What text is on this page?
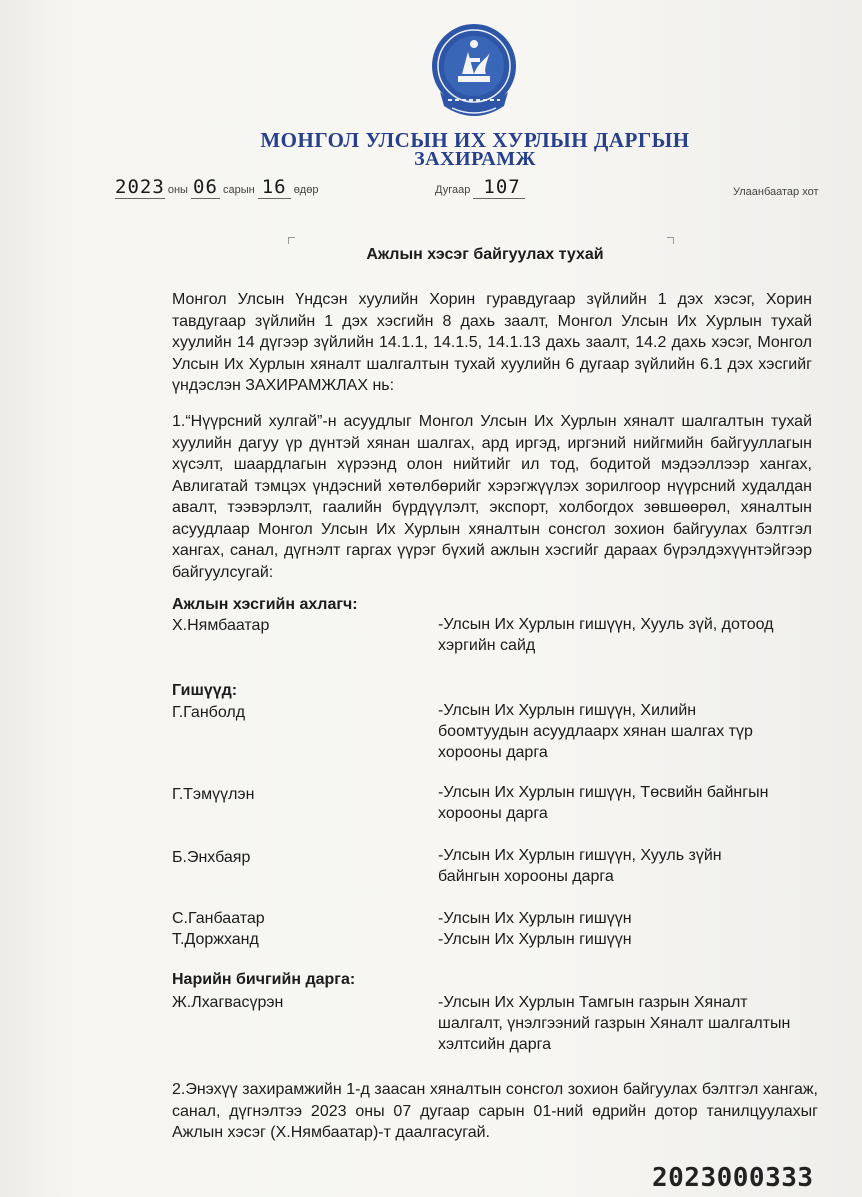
МОНГОЛ УЛСЫН ИХ ХУРЛЫН ДАРГЫН
ЗАХИРАМЖ
2023 оны 06 сарын 16 өдөр	Дугаар 107	Улаанбаатар хот
Ажлын хэсэг байгуулах тухай
Монгол Улсын Үндсэн хуулийн Хорин гуравдугаар зүйлийн 1 дэх хэсэг, Хорин тавдугаар зүйлийн 1 дэх хэсгийн 8 дахь заалт, Монгол Улсын Их Хурлын тухай хуулийн 14 дүгээр зүйлийн 14.1.1, 14.1.5, 14.1.13 дахь заалт, 14.2 дахь хэсэг, Монгол Улсын Их Хурлын хяналт шалгалтын тухай хуулийн 6 дугаар зүйлийн 6.1 дэх хэсгийг үндэслэн ЗАХИРАМЖЛАХ нь:
1.“Нүүрсний хулгай”-н асуудлыг Монгол Улсын Их Хурлын хяналт шалгалтын тухай хуулийн дагуу үр дүнтэй хянан шалгах, ард иргэд, иргэний нийгмийн байгууллагын хүсэлт, шаардлагын хүрээнд олон нийтийг ил тод, бодитой мэдээллээр хангах, Авлигатай тэмцэх үндэсний хөтөлбөрийг хэрэгжүүлэх зорилгоор нүүрсний худалдан авалт, тээвэрлэлт, гаалийн бүрдүүлэлт, экспорт, холбогдох зөвшөөрөл, хяналтын асуудлаар Монгол Улсын Их Хурлын хяналтын сонсгол зохион байгуулах бэлтгэл хангах, санал, дүгнэлт гаргах үүрэг бүхий ажлын хэсгийг дараах бүрэлдэхүүнтэйгээр байгуулсугай:
Ажлын хэсгийн ахлагч:
Х.Нямбаатар	-Улсын Их Хурлын гишүүн, Хууль зүй, дотоод хэргийн сайд
Гишүүд:
Г.Ганболд	-Улсын Их Хурлын гишүүн, Хилийн боомтуудын асуудлаарх хянан шалгах түр хорооны дарга
Г.Тэмүүлэн	-Улсын Их Хурлын гишүүн, Төсвийн байнгын хорооны дарга
Б.Энхбаяр	-Улсын Их Хурлын гишүүн, Хууль зүйн байнгын хорооны дарга
С.Ганбаатар	-Улсын Их Хурлын гишүүн
Т.Доржханд	-Улсын Их Хурлын гишүүн
Нарийн бичгийн дарга:
Ж.Лхагвасүрэн	-Улсын Их Хурлын Тамгын газрын Хяналт шалгалт, үнэлгээний газрын Хяналт шалгалтын хэлтсийн дарга
2.Энэхүү захирамжийн 1-д заасан хяналтын сонсгол зохион байгуулах бэлтгэл хангаж, санал, дүгнэлтээ 2023 оны 07 дугаар сарын 01-ний өдрийн дотор танилцуулахыг Ажлын хэсэг (Х.Нямбаатар)-т даалгасугай.
2023000333
